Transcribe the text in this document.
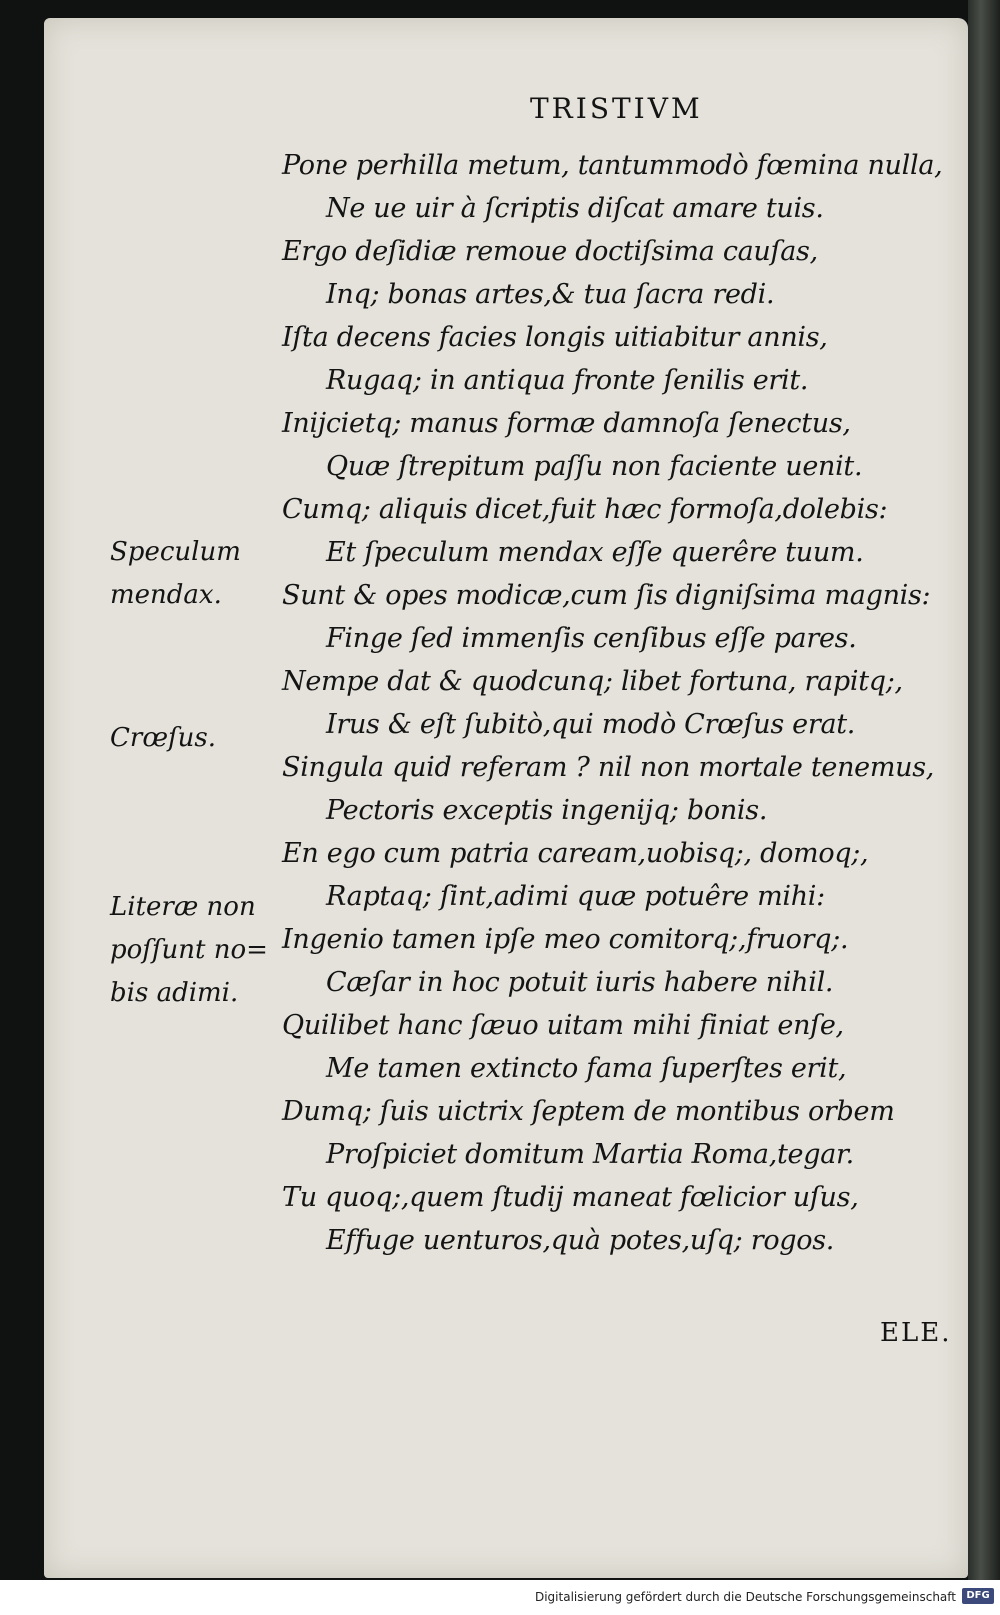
TRISTIVM
Pone perhilla metum, tantummodò fœmina nulla,
Ne ue uir à ſcriptis diſcat amare tuis.
Ergo deſidiæ remoue doctiſsima cauſas,
Inq; bonas artes,& tua ſacra redi.
Iſta decens facies longis uitiabitur annis,
Rugaq; in antiqua fronte ſenilis erit.
Inijcietq; manus formæ damnoſa ſenectus,
Quæ ſtrepitum paſſu non faciente uenit.
Cumq; aliquis dicet,fuit hæc formoſa,dolebis:
Et ſpeculum mendax eſſe querêre tuum.
Sunt & opes modicæ,cum ſis digniſsima magnis:
Finge ſed immenſis cenſibus eſſe pares.
Nempe dat & quodcunq; libet fortuna, rapitq;,
Irus & eſt ſubitò,qui modò Crœſus erat.
Singula quid referam ? nil non mortale tenemus,
Pectoris exceptis ingenijq; bonis.
En ego cum patria caream,uobisq;, domoq;,
Raptaq; ſint,adimi quæ potuêre mihi:
Ingenio tamen ipſe meo comitorq;,fruorq;.
Cæſar in hoc potuit iuris habere nihil.
Quilibet hanc ſæuo uitam mihi finiat enſe,
Me tamen extincto fama ſuperſtes erit,
Dumq; ſuis uictrix ſeptem de montibus orbem
Proſpiciet domitum Martia Roma,tegar.
Tu quoq;,quem ſtudij maneat fœlicior uſus,
Effuge uenturos,quà potes,uſq; rogos.
Speculum
mendax.
Crœſus.
Literæ non
poſſunt no=
bis adimi.
ELE.
Digitalisierung gefördert durch die Deutsche Forschungsgemeinschaft	DFG
